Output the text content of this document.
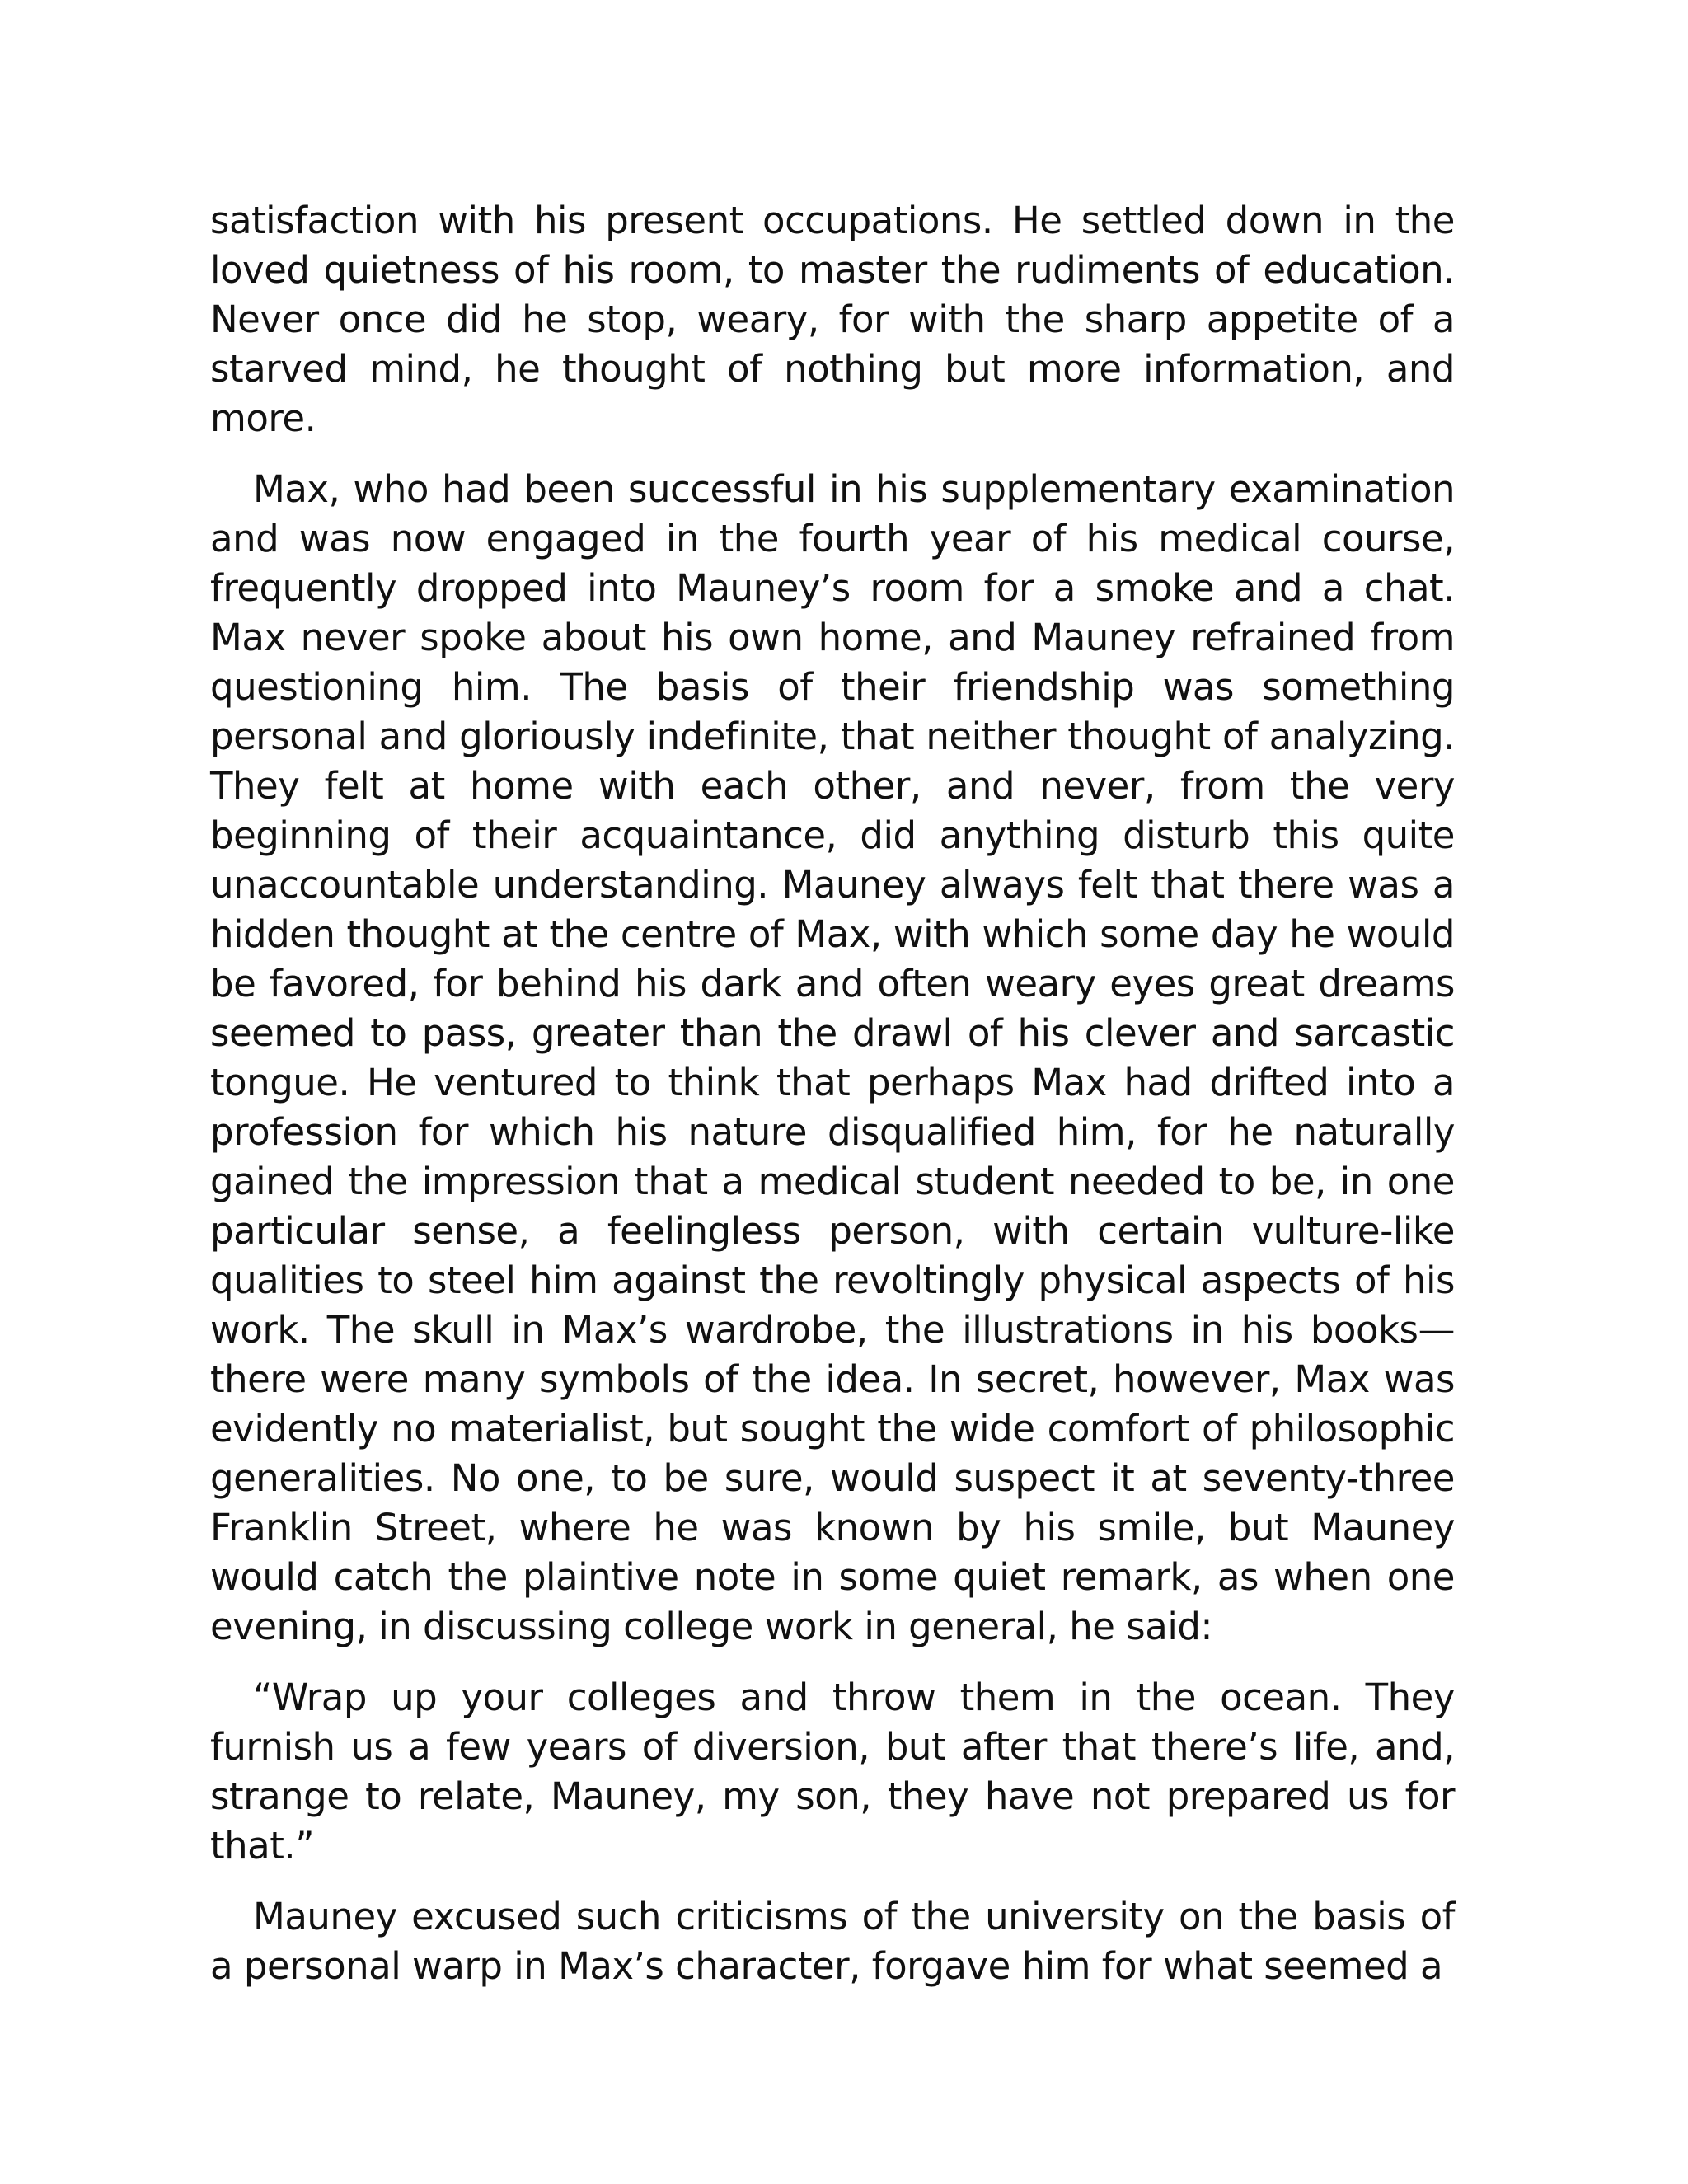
satisfaction with his present occupations. He settled down in the loved quietness of his room, to master the rudiments of education. Never once did he stop, weary, for with the sharp appetite of a starved mind, he thought of nothing but more information, and more.

Max, who had been successful in his supplementary examination and was now engaged in the fourth year of his medical course, frequently dropped into Mauney’s room for a smoke and a chat. Max never spoke about his own home, and Mauney refrained from questioning him. The basis of their friendship was something personal and gloriously indefinite, that neither thought of analyzing. They felt at home with each other, and never, from the very beginning of their acquaintance, did anything disturb this quite unaccountable understanding. Mauney always felt that there was a hidden thought at the centre of Max, with which some day he would be favored, for behind his dark and often weary eyes great dreams seemed to pass, greater than the drawl of his clever and sarcastic tongue. He ventured to think that perhaps Max had drifted into a profession for which his nature disqualified him, for he naturally gained the impression that a medical student needed to be, in one particular sense, a feelingless person, with certain vulture-like qualities to steel him against the revoltingly physical aspects of his work. The skull in Max’s wardrobe, the illustrations in his books—there were many symbols of the idea. In secret, however, Max was evidently no materialist, but sought the wide comfort of philosophic generalities. No one, to be sure, would suspect it at seventy-three Franklin Street, where he was known by his smile, but Mauney would catch the plaintive note in some quiet remark, as when one evening, in discussing college work in general, he said:

“Wrap up your colleges and throw them in the ocean. They furnish us a few years of diversion, but after that there’s life, and, strange to relate, Mauney, my son, they have not prepared us for that.”

Mauney excused such criticisms of the university on the basis of a personal warp in Max’s character, forgave him for what seemed a
